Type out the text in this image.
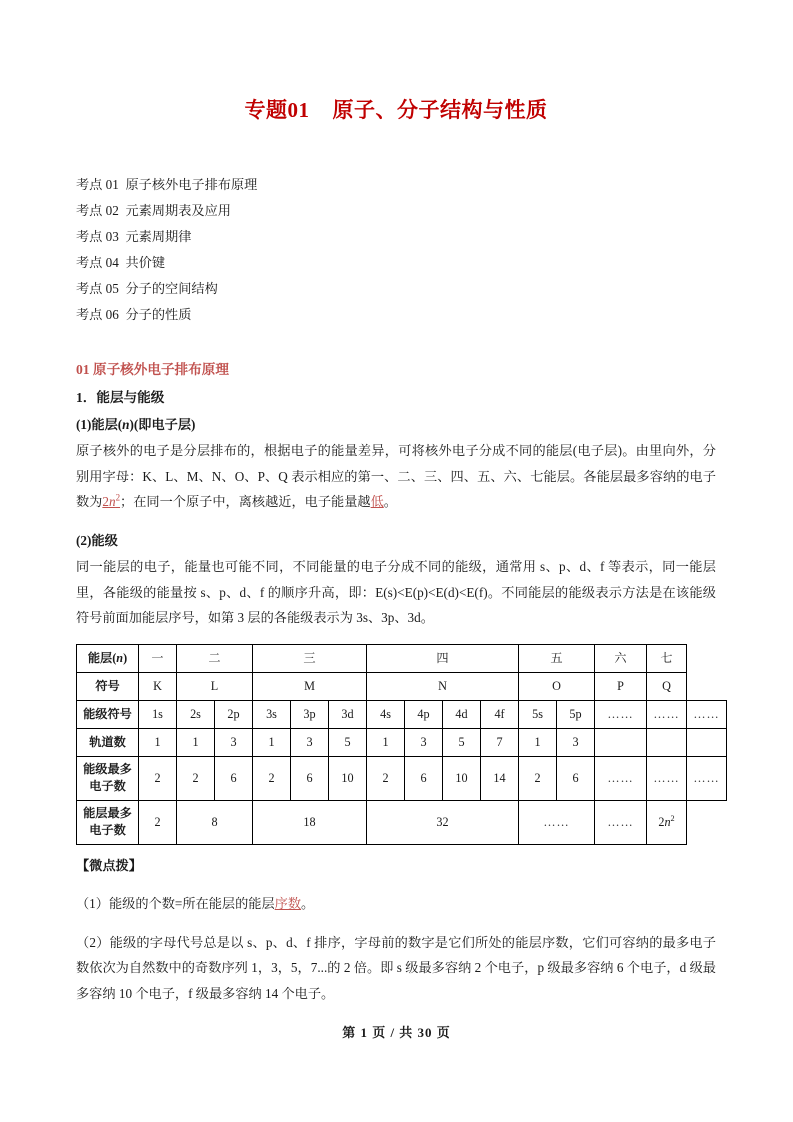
专题01    原子、分子结构与性质
考点 01  原子核外电子排布原理
考点 02  元素周期表及应用
考点 03  元素周期律
考点 04  共价键
考点 05  分子的空间结构
考点 06  分子的性质
01 原子核外电子排布原理
1．能层与能级
(1)能层(n)(即电子层)

原子核外的电子是分层排布的，根据电子的能量差异，可将核外电子分成不同的能层(电子层)。由里向外，分别用字母：K、L、M、N、O、P、Q 表示相应的第一、二、三、四、五、六、七能层。各能层最多容纳的电子数为$2n^2$；在同一个原子中，离核越近，电子能量越低。

(2)能级

同一能层的电子，能量也可能不同，不同能量的电子分成不同的能级，通常用 s、p、d、f 等表示，同一能层里，各能级的能量按 s、p、d、f 的顺序升高，即：E(s)<E(p)<E(d)<E(f)。不同能层的能级表示方法是在该能级符号前面加能层序号，如第 3 层的各能级表示为 3s、3p、3d。

能层(n)	一	二		三			四				五		六	七	
符号	K	L		M			N				O		P	Q	
能级符号	1s	2s	2p	3s	3p	3d	4s	4p	4d	4f	5s	5p	……	……	……
轨道数	1	1	3	1	3	5	1	3	5	7	1	3			
能级最多
电子数	2	2	6	2	6	10	2	6	10	14	2	6	……	……	……
能层最多
电子数	2	8		18			32				……		……	$2n^2$
【微点拨】

（1）能级的个数=所在能层的能层序数。

（2）能级的字母代号总是以 s、p、d、f 排序，字母前的数字是它们所处的能层序数，它们可容纳的最多电子数依次为自然数中的奇数序列 1，3，5，7...的 2 倍。即 s 级最多容纳 2 个电子，p 级最多容纳 6 个电子，d 级最多容纳 10 个电子，f 级最多容纳 14 个电子。

第 1 页 / 共 30 页
